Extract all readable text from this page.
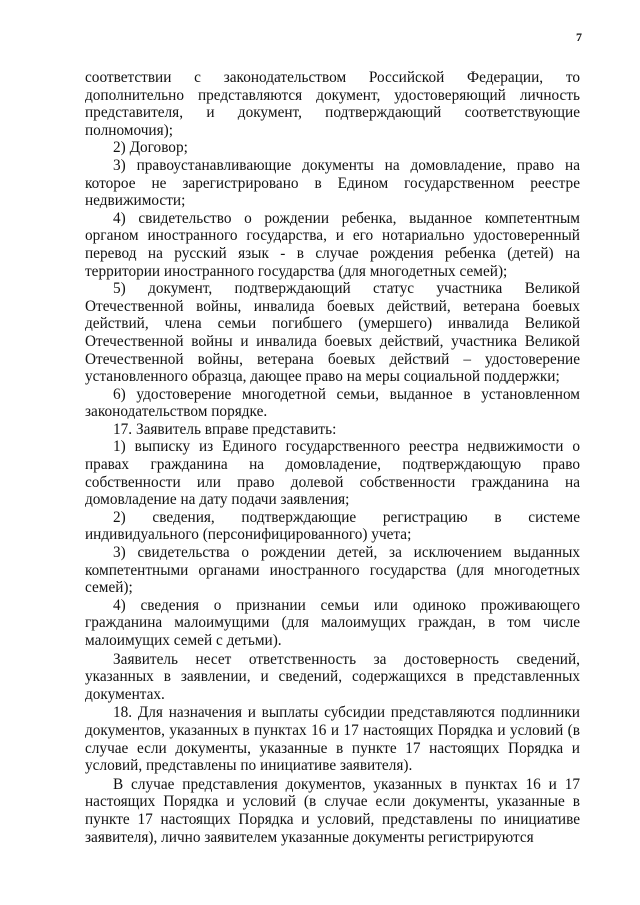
7

соответствии с законодательством Российской Федерации, то дополнительно представляются документ, удостоверяющий личность представителя, и документ, подтверждающий соответствующие полномочия);

2) Договор;

3) правоустанавливающие документы на домовладение, право на которое не зарегистрировано в Едином государственном реестре недвижимости;

4) свидетельство о рождении ребенка, выданное компетентным органом иностранного государства, и его нотариально удостоверенный перевод на русский язык - в случае рождения ребенка (детей) на территории иностранного государства (для многодетных семей);

5) документ, подтверждающий статус участника Великой Отечественной войны, инвалида боевых действий, ветерана боевых действий, члена семьи погибшего (умершего) инвалида Великой Отечественной войны и инвалида боевых действий, участника Великой Отечественной войны, ветерана боевых действий – удостоверение установленного образца, дающее право на меры социальной поддержки;

6) удостоверение многодетной семьи, выданное в установленном законодательством порядке.

17. Заявитель вправе представить:

1) выписку из Единого государственного реестра недвижимости о правах гражданина на домовладение, подтверждающую право собственности или право долевой собственности гражданина на домовладение на дату подачи заявления;

2) сведения, подтверждающие регистрацию в системе индивидуального (персонифицированного) учета;

3) свидетельства о рождении детей, за исключением выданных компетентными органами иностранного государства (для многодетных семей);

4) сведения о признании семьи или одиноко проживающего гражданина малоимущими (для малоимущих граждан, в том числе малоимущих семей с детьми).

Заявитель несет ответственность за достоверность сведений, указанных в заявлении, и сведений, содержащихся в представленных документах.

18. Для назначения и выплаты субсидии представляются подлинники документов, указанных в пунктах 16 и 17 настоящих Порядка и условий (в случае если документы, указанные в пункте 17 настоящих Порядка и условий, представлены по инициативе заявителя).

В случае представления документов, указанных в пунктах 16 и 17 настоящих Порядка и условий (в случае если документы, указанные в пункте 17 настоящих Порядка и условий, представлены по инициативе заявителя), лично заявителем указанные документы регистрируются
